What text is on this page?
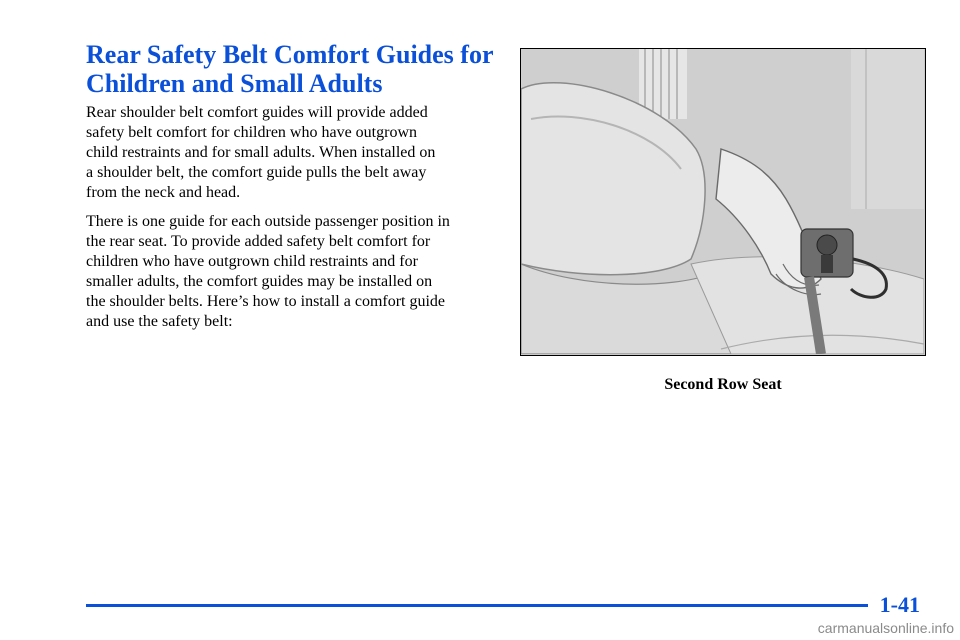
Rear Safety Belt Comfort Guides for
Children and Small Adults

Rear shoulder belt comfort guides will provide added
safety belt comfort for children who have outgrown
child restraints and for small adults. When installed on
a shoulder belt, the comfort guide pulls the belt away
from the neck and head.

There is one guide for each outside passenger position in
the rear seat. To provide added safety belt comfort for
children who have outgrown child restraints and for
smaller adults, the comfort guides may be installed on
the shoulder belts. Here’s how to install a comfort guide
and use the safety belt:

Second Row Seat
1-41
carmanualsonline.info
